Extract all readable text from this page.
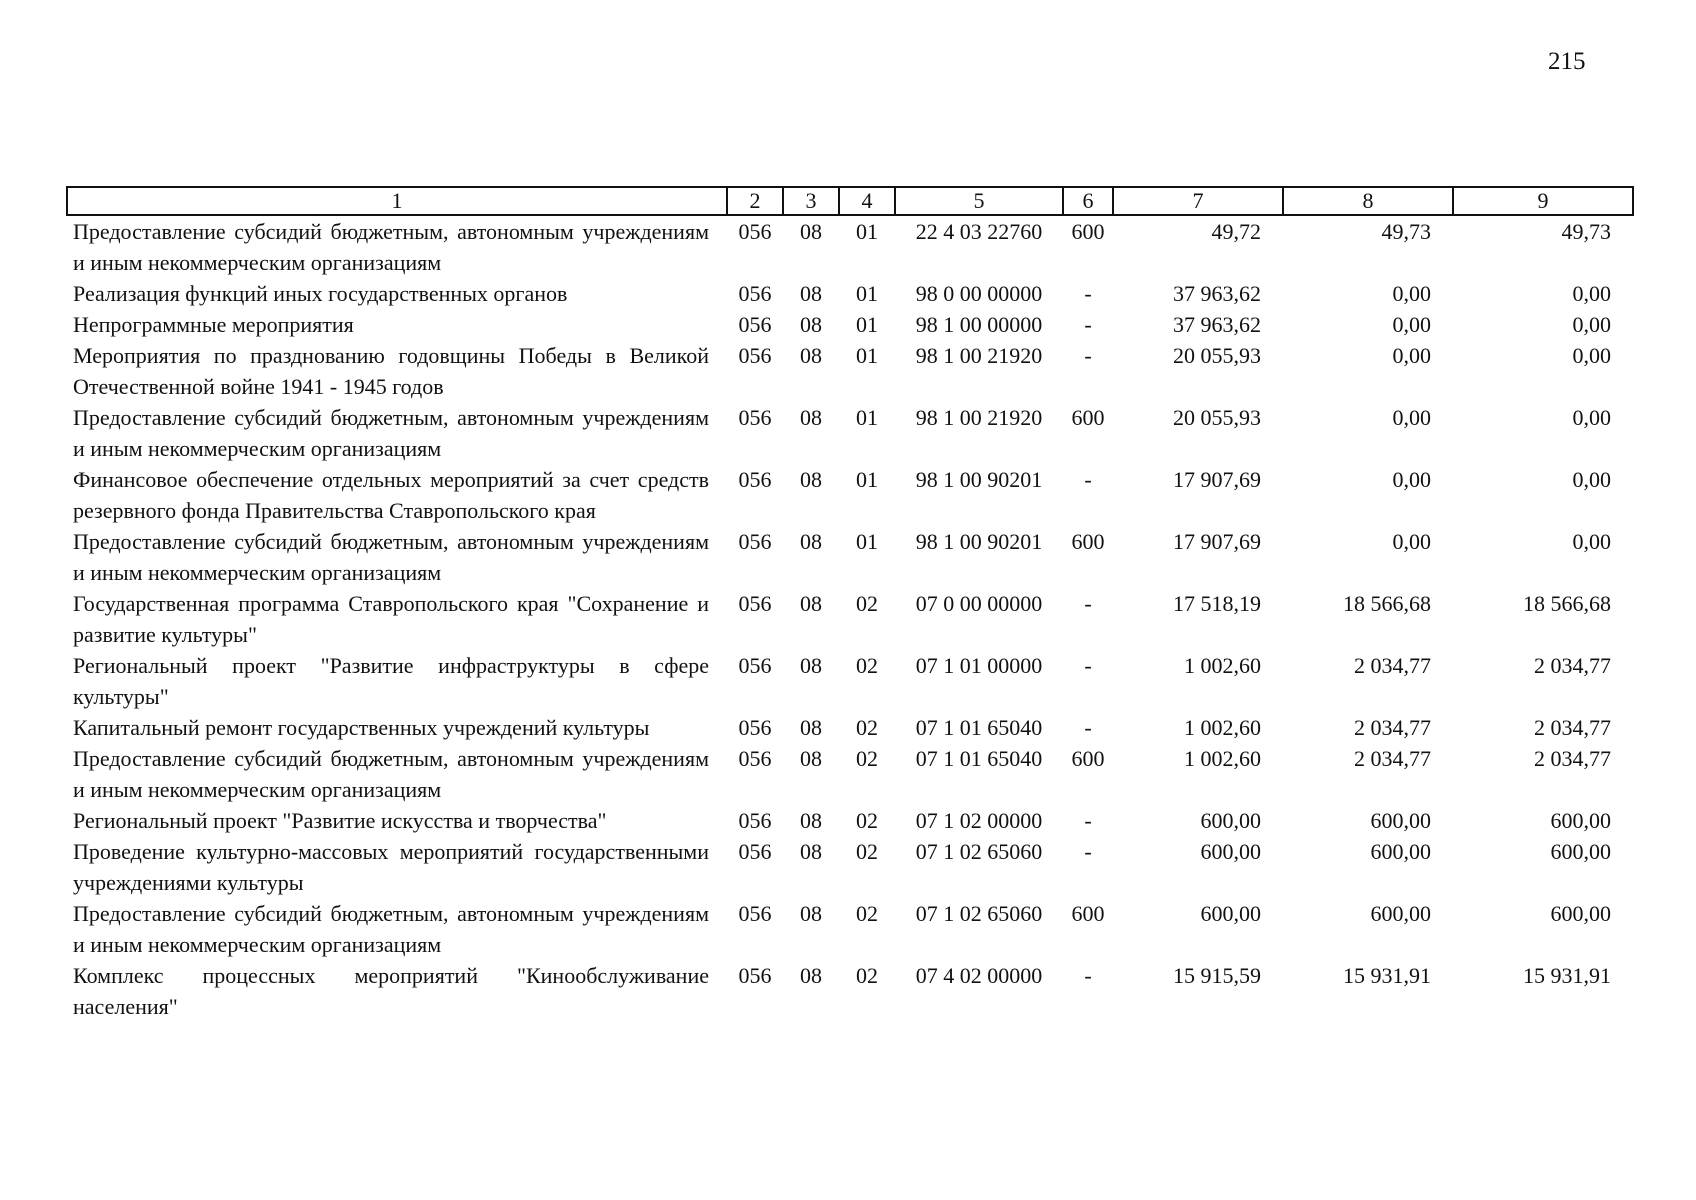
215
1	2	3	4	5	6	7	8	9
Предоставление субсидий бюджетным, автономным учреждениям и иным некоммерческим организациям	056	08	01	22 4 03 22760	600	49,72	49,73	49,73
Реализация функций иных государственных органов	056	08	01	98 0 00 00000	-	37 963,62	0,00	0,00
Непрограммные мероприятия	056	08	01	98 1 00 00000	-	37 963,62	0,00	0,00
Мероприятия по празднованию годовщины Победы в Великой Отечественной войне 1941 - 1945 годов	056	08	01	98 1 00 21920	-	20 055,93	0,00	0,00
Предоставление субсидий бюджетным, автономным учреждениям и иным некоммерческим организациям	056	08	01	98 1 00 21920	600	20 055,93	0,00	0,00
Финансовое обеспечение отдельных мероприятий за счет средств резервного фонда Правительства Ставропольского края	056	08	01	98 1 00 90201	-	17 907,69	0,00	0,00
Предоставление субсидий бюджетным, автономным учреждениям и иным некоммерческим организациям	056	08	01	98 1 00 90201	600	17 907,69	0,00	0,00
Государственная программа Ставропольского края "Сохранение и развитие культуры"	056	08	02	07 0 00 00000	-	17 518,19	18 566,68	18 566,68
Региональный проект "Развитие инфраструктуры в сфере культуры"	056	08	02	07 1 01 00000	-	1 002,60	2 034,77	2 034,77
Капитальный ремонт государственных учреждений культуры	056	08	02	07 1 01 65040	-	1 002,60	2 034,77	2 034,77
Предоставление субсидий бюджетным, автономным учреждениям и иным некоммерческим организациям	056	08	02	07 1 01 65040	600	1 002,60	2 034,77	2 034,77
Региональный проект "Развитие искусства и творчества"	056	08	02	07 1 02 00000	-	600,00	600,00	600,00
Проведение культурно-массовых мероприятий государственными учреждениями культуры	056	08	02	07 1 02 65060	-	600,00	600,00	600,00
Предоставление субсидий бюджетным, автономным учреждениям и иным некоммерческим организациям	056	08	02	07 1 02 65060	600	600,00	600,00	600,00
Комплекс процессных мероприятий "Кинообслуживание населения"	056	08	02	07 4 02 00000	-	15 915,59	15 931,91	15 931,91
